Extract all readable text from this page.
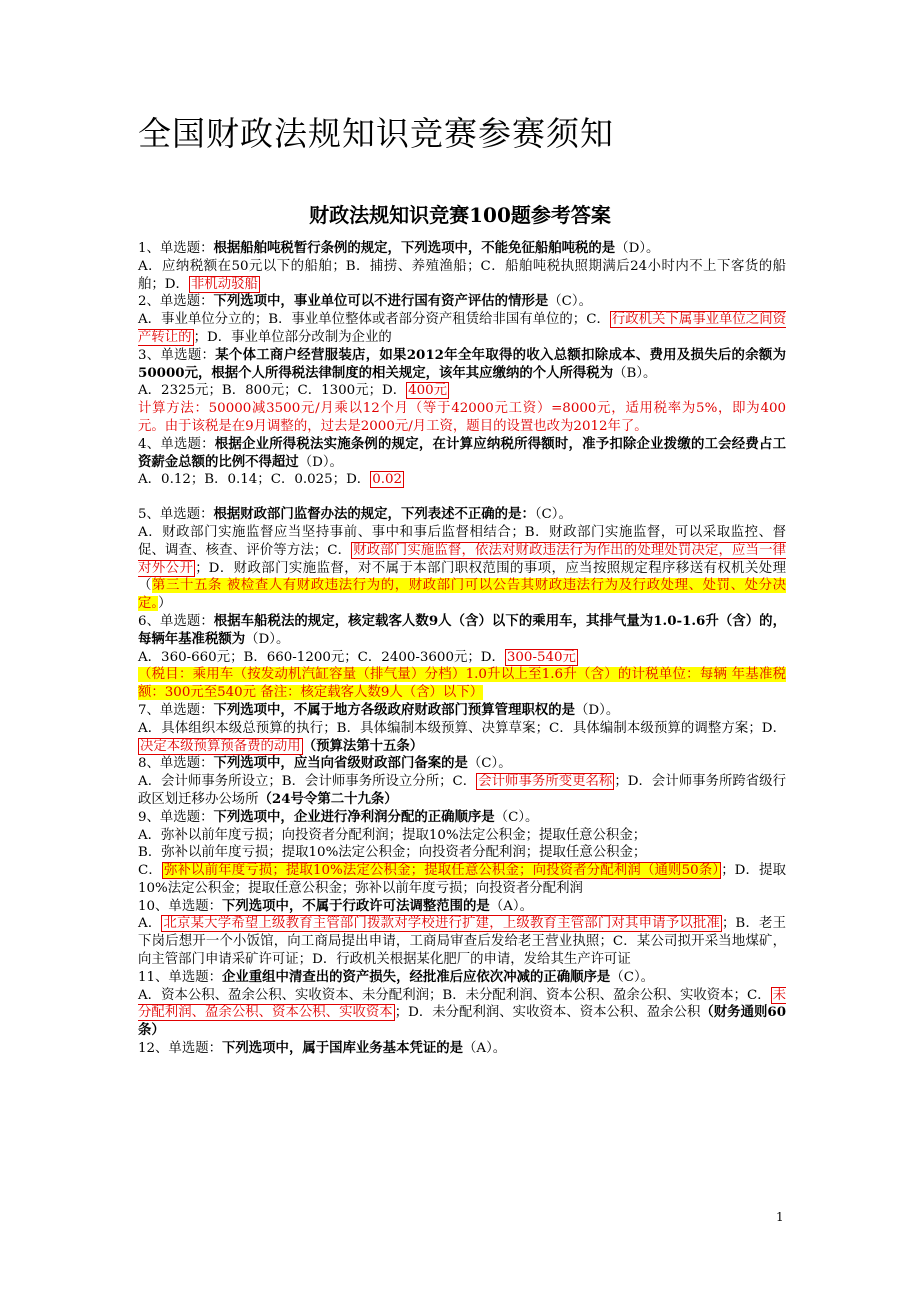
全国财政法规知识竞赛参赛须知
财政法规知识竞赛100题参考答案

1、单选题：根据船舶吨税暂行条例的规定，下列选项中，不能免征船舶吨税的是（D）。
A．应纳税额在50元以下的船舶；B．捕捞、养殖渔船；C．船舶吨税执照期满后24小时内不上下客货的船舶；D． 非机动驳船

2、单选题：下列选项中，事业单位可以不进行国有资产评估的情形是（C）。
A．事业单位分立的；B．事业单位整体或者部分资产租赁给非国有单位的；C． 行政机关下属事业单位之间资产转让的 ；D．事业单位部分改制为企业的

3、单选题：某个体工商户经营服装店，如果2012年全年取得的收入总额扣除成本、费用及损失后的余额为50000元，根据个人所得税法律制度的相关规定，该年其应缴纳的个人所得税为（B）。
A．2325元；B．800元；C．1300元；D． 400元
计算方法：50000减3500元/月乘以12个月（等于42000元工资）=8000元，适用税率为5%，即为400元。由于该税是在9月调整的，过去是2000元/月工资，题目的设置也改为2012年了。

4、单选题：根据企业所得税法实施条例的规定，在计算应纳税所得额时，准予扣除企业拨缴的工会经费占工资薪金总额的比例不得超过（D）。
A．0.12；B．0.14；C．0.025；D． 0.02

5、单选题：根据财政部门监督办法的规定，下列表述不正确的是：（C）。
A．财政部门实施监督应当坚持事前、事中和事后监督相结合；B．财政部门实施监督，可以采取监控、督促、调查、核查、评价等方法；C． 财政部门实施监督，依法对财政违法行为作出的处理处罚决定，应当一律对外公开 ；D．财政部门实施监督，对不属于本部门职权范围的事项，应当按照规定程序移送有权机关处理（第三十五条 被检查人有财政违法行为的，财政部门可以公告其财政违法行为及行政处理、处罚、处分决定。）

6、单选题：根据车船税法的规定，核定载客人数9人（含）以下的乘用车，其排气量为1.0-1.6升（含）的，每辆年基准税额为（D）。
A．360-660元；B．660-1200元；C．2400-3600元；D． 300-540元
（税目：乘用车（按发动机汽缸容量（排气量）分档）1.0升以上至1.6升（含）的计税单位：每辆 年基准税额：300元至540元 备注：核定载客人数9人（含）以下）

7、单选题：下列选项中，不属于地方各级政府财政部门预算管理职权的是（D）。
A．具体组织本级总预算的执行；B．具体编制本级预算、决算草案；C．具体编制本级预算的调整方案；D．决定本级预算预备费的动用 （预算法第十五条）

8、单选题：下列选项中，应当向省级财政部门备案的是（C）。
A．会计师事务所设立；B．会计师事务所设立分所；C． 会计师事务所变更名称 ；D．会计师事务所跨省级行政区划迁移办公场所（24号令第二十九条）

9、单选题：下列选项中，企业进行净利润分配的正确顺序是（C）。
A．弥补以前年度亏损；向投资者分配利润；提取10%法定公积金；提取任意公积金；
B．弥补以前年度亏损；提取10%法定公积金；向投资者分配利润；提取任意公积金；
C． 弥补以前年度亏损；提取10%法定公积金；提取任意公积金；向投资者分配利润（通则50条） ；D．提取10%法定公积金；提取任意公积金；弥补以前年度亏损；向投资者分配利润

10、单选题：下列选项中，不属于行政许可法调整范围的是（A）。
A． 北京某大学希望上级教育主管部门拨款对学校进行扩建，上级教育主管部门对其申请予以批准 ；B．老王下岗后想开一个小饭馆，向工商局提出申请，工商局审查后发给老王营业执照；C．某公司拟开采当地煤矿，向主管部门申请采矿许可证；D．行政机关根据某化肥厂的申请，发给其生产许可证

11、单选题：企业重组中清查出的资产损失，经批准后应依次冲减的正确顺序是（C）。
A．资本公积、盈余公积、实收资本、未分配利润；B．未分配利润、资本公积、盈余公积、实收资本；C． 未分配利润、盈余公积、资本公积、实收资本 ；D．未分配利润、实收资本、资本公积、盈余公积（财务通则60条）

12、单选题：下列选项中，属于国库业务基本凭证的是（A）。

1
